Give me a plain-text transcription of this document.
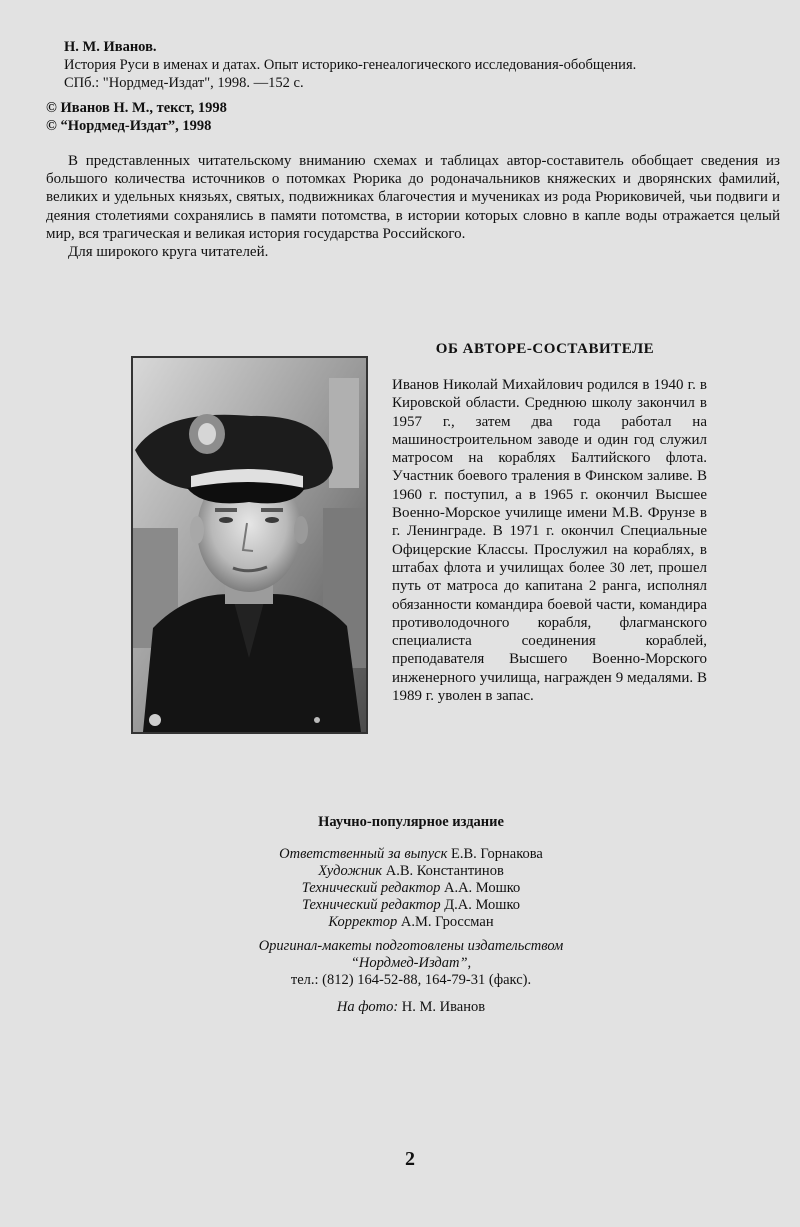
Н. М. Иванов.
История Руси в именах и датах. Опыт историко-генеалогического исследования-обобщения.
СПб.: "Нордмед-Издат", 1998. —152 с.
© Иванов Н. М., текст, 1998
© “Нордмед-Издат”, 1998

В представленных читательскому вниманию схемах и таблицах автор-составитель обобщает сведения из большого количества источников о потомках Рюрика до родоначальников княжеских и дворянских фамилий, великих и удельных князьях, святых, подвижниках благочестия и мучениках из рода Рюриковичей, чьи подвиги и деяния столетиями сохранялись в памяти потомства, в истории которых словно в капле воды отражается целый мир, вся трагическая и великая история государства Российского.

Для широкого круга читателей.

ОБ АВТОРЕ-СОСТАВИТЕЛЕ
Иванов Николай Михайлович родился в 1940 г. в Кировской области. Среднюю школу закончил в 1957 г., затем два года работал на машиностроительном заводе и один год служил матросом на кораблях Балтийского флота. Участник боевого траления в Финском заливе. В 1960 г. поступил, а в 1965 г. окончил Высшее Военно-Морское училище имени М.В. Фрунзе в г. Ленинграде. В 1971 г. окончил Специальные Офицерские Классы. Прослужил на кораблях, в штабах флота и училищах более 30 лет, прошел путь от матроса до капитана 2 ранга, исполнял обязанности командира боевой части, командира противолодочного корабля, флагманского специалиста соединения кораблей, преподавателя Высшего Военно-Морского инженерного училища, награжден 9 медалями. В 1989 г. уволен в запас.
Научно-популярное издание
Ответственный за выпуск Е.В. Горнакова
Художник А.В. Константинов
Технический редактор А.А. Мошко
Технический редактор Д.А. Мошко
Корректор А.М. Гроссман
Оригинал-макеты подготовлены издательством
“Нордмед-Издат”,
тел.: (812) 164-52-88, 164-79-31 (факс).
На фото: Н. М. Иванов
2
